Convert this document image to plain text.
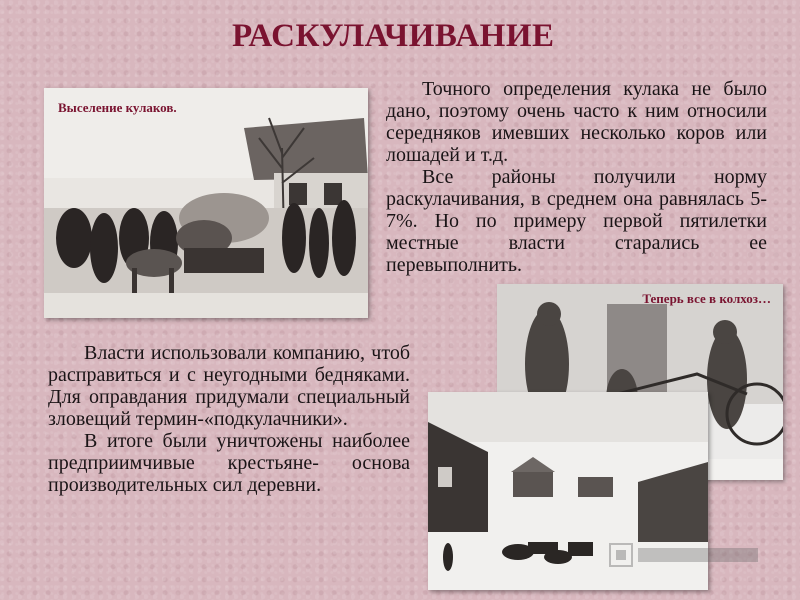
РАСКУЛАЧИВАНИЕ
Выселение кулаков.

Точного определения кулака не было дано, поэтому очень часто к ним относили середняков имевших несколько коров или лошадей и т.д.

Все районы получили норму раскулачивания, в среднем она равнялась 5-7%. Но по примеру первой пятилетки местные власти старались ее перевыполнить.

Теперь все в колхоз…

Власти использовали компанию, чтоб расправиться и с неугодными бедняками. Для оправдания придумали специальный зловещий термин-«подкулачники».

В итоге были уничтожены наиболее предприимчивые крестьяне- основа производительных сил деревни.
